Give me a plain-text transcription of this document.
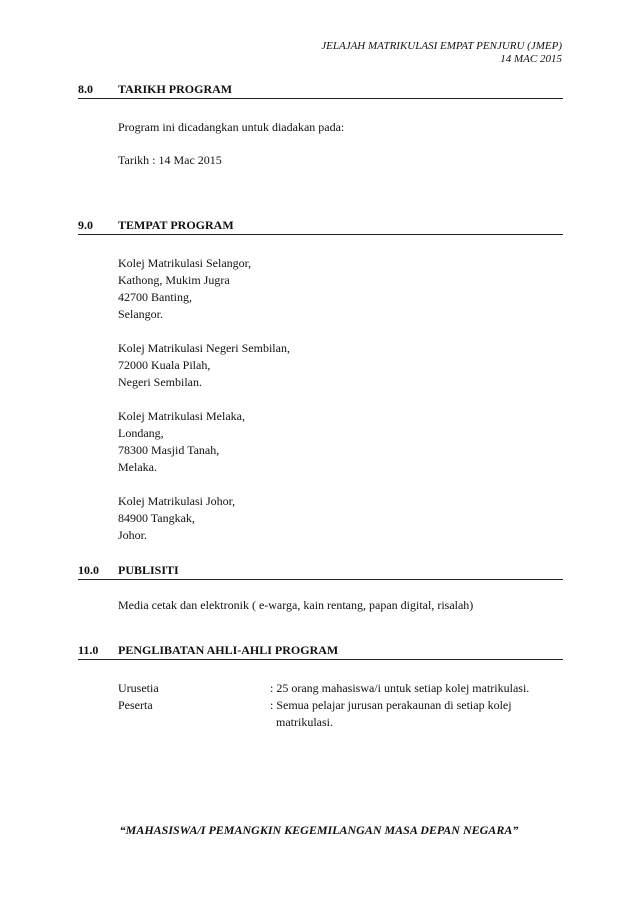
JELAJAH MATRIKULASI EMPAT PENJURU (JMEP)
14 MAC 2015
8.0 TARIKH PROGRAM
Program ini dicadangkan untuk diadakan pada:
Tarikh : 14 Mac 2015
9.0 TEMPAT PROGRAM
Kolej Matrikulasi Selangor,
Kathong, Mukim Jugra
42700 Banting,
Selangor.
Kolej Matrikulasi Negeri Sembilan,
72000 Kuala Pilah,
Negeri Sembilan.
Kolej Matrikulasi Melaka,
Londang,
78300 Masjid Tanah,
Melaka.
Kolej Matrikulasi Johor,
84900 Tangkak,
Johor.
10.0 PUBLISITI
Media cetak dan elektronik ( e-warga, kain rentang, papan digital, risalah)
11.0 PENGLIBATAN AHLI-AHLI PROGRAM
Urusetia	: 25 orang mahasiswa/i untuk setiap kolej matrikulasi.
Peserta	: Semua pelajar jurusan perakaunan di setiap kolej
matrikulasi.
“MAHASISWA/I PEMANGKIN KEGEMILANGAN MASA DEPAN NEGARA”
